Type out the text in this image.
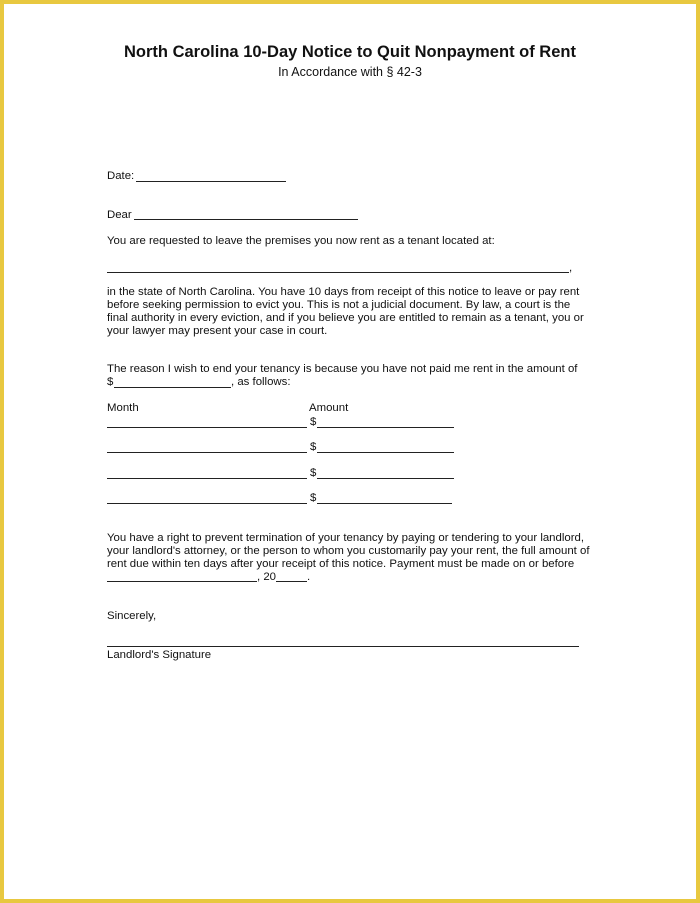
North Carolina 10-Day Notice to Quit Nonpayment of Rent
In Accordance with § 42-3
Date:
Dear
You are requested to leave the premises you now rent as a tenant located at:
,
in the state of North Carolina. You have 10 days from receipt of this notice to leave or pay rent
before seeking permission to evict you. This is not a judicial document. By law, a court is the
final authority in every eviction, and if you believe you are entitled to remain as a tenant, you or
your lawyer may present your case in court.
The reason I wish to end your tenancy is because you have not paid me rent in the amount of
$	, as follows:
Month	Amount
$
$
$
$
You have a right to prevent termination of your tenancy by paying or tendering to your landlord,
your landlord's attorney, or the person to whom you customarily pay your rent, the full amount of
rent due within ten days after your receipt of this notice. Payment must be made on or before
, 20	.
Sincerely,
Landlord's Signature
